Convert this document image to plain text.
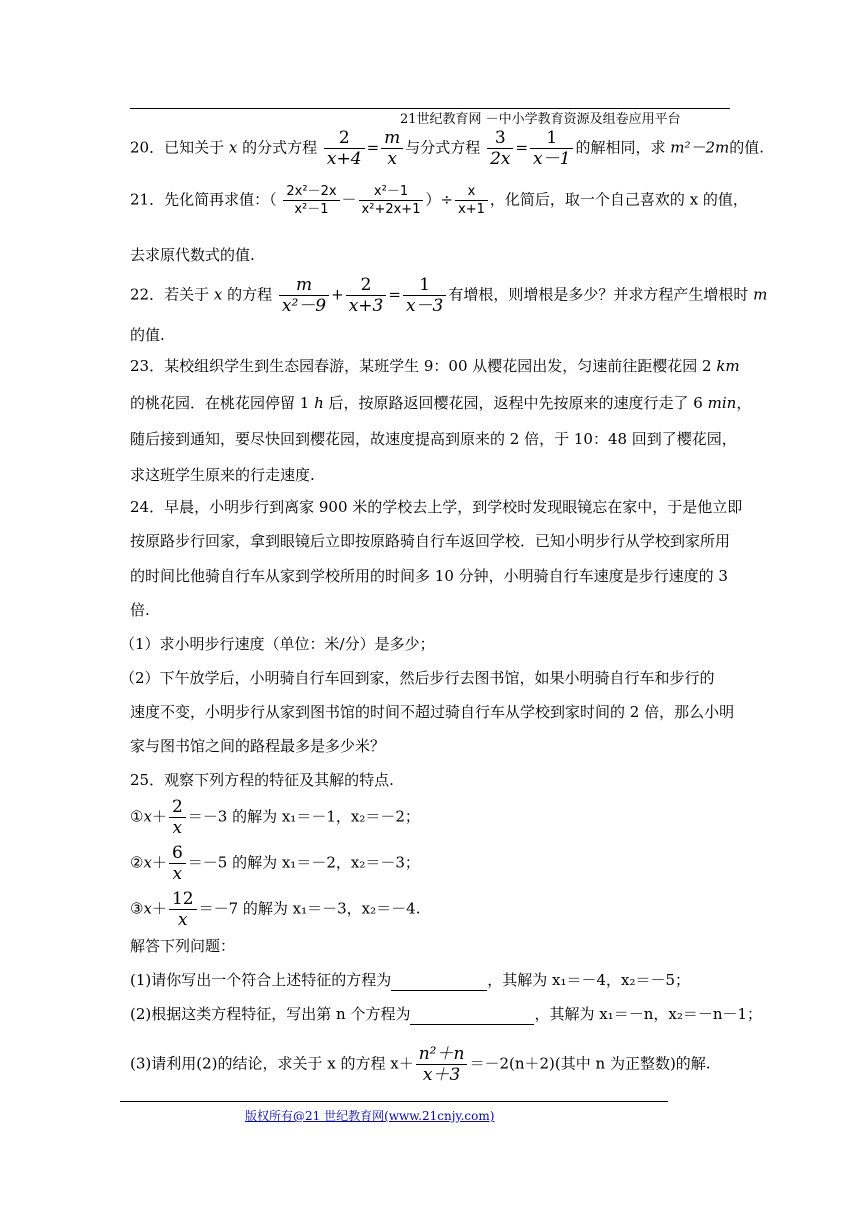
21世纪教育网 －中小学教育资源及组卷应用平台
20．已知关于 x 的分式方程 $\frac{2}{x+4} = \frac{m}{x}$ 与分式方程 $\frac{3}{2x} = \frac{1}{x-1}$ 的解相同，求 m²－2m的值.
21．先化简再求值：（ $\frac{\text{2x²－2x}}{\text{x²－1}} - \frac{\text{x²－1}}{\text{x²+2x+1}}$ ）÷ $\frac{x}{x+1}$ ，化简后，取一个自己喜欢的 x 的值，
去求原代数式的值.
22．若关于 x 的方程 $\frac{m}{\text{x²－9}} + \frac{2}{x+3} = \frac{1}{x-3}$ 有增根，则增根是多少？并求方程产生增根时 m
的值.
23．某校组织学生到生态园春游，某班学生 9：00 从樱花园出发，匀速前往距樱花园 2 km
的桃花园．在桃花园停留 1 h 后，按原路返回樱花园，返程中先按原来的速度行走了 6 min，
随后接到通知，要尽快回到樱花园，故速度提高到原来的 2 倍，于 10：48 回到了樱花园，
求这班学生原来的行走速度.
24．早晨，小明步行到离家 900 米的学校去上学，到学校时发现眼镜忘在家中，于是他立即
按原路步行回家，拿到眼镜后立即按原路骑自行车返回学校．已知小明步行从学校到家所用
的时间比他骑自行车从家到学校所用的时间多 10 分钟，小明骑自行车速度是步行速度的 3
倍.
（1）求小明步行速度（单位：米/分）是多少；
（2）下午放学后，小明骑自行车回到家，然后步行去图书馆，如果小明骑自行车和步行的
速度不变，小明步行从家到图书馆的时间不超过骑自行车从学校到家时间的 2 倍，那么小明
家与图书馆之间的路程最多是多少米？
25．观察下列方程的特征及其解的特点.
①x＋ $\frac{2}{x} =-3$ 的解为 x₁＝－1，x₂＝－2；
②x＋ $\frac{6}{x} =-5$ 的解为 x₁＝－2，x₂＝－3；
③x＋ $\frac{12}{x} =-7$ 的解为 x₁＝－3，x₂＝－4.
解答下列问题：
(1)请你写出一个符合上述特征的方程为	，其解为 x₁＝－4，x₂＝－5；
(2)根据这类方程特征，写出第 n 个方程为	，其解为 x₁＝－n，x₂＝－n－1；
(3)请利用(2)的结论，求关于 x 的方程 $x+ \frac{\text{n²＋n}}{x+3} =-2(n+2)$(其中 n 为正整数)的解.
版权所有@21 世纪教育网(www.21cnjy.com)
